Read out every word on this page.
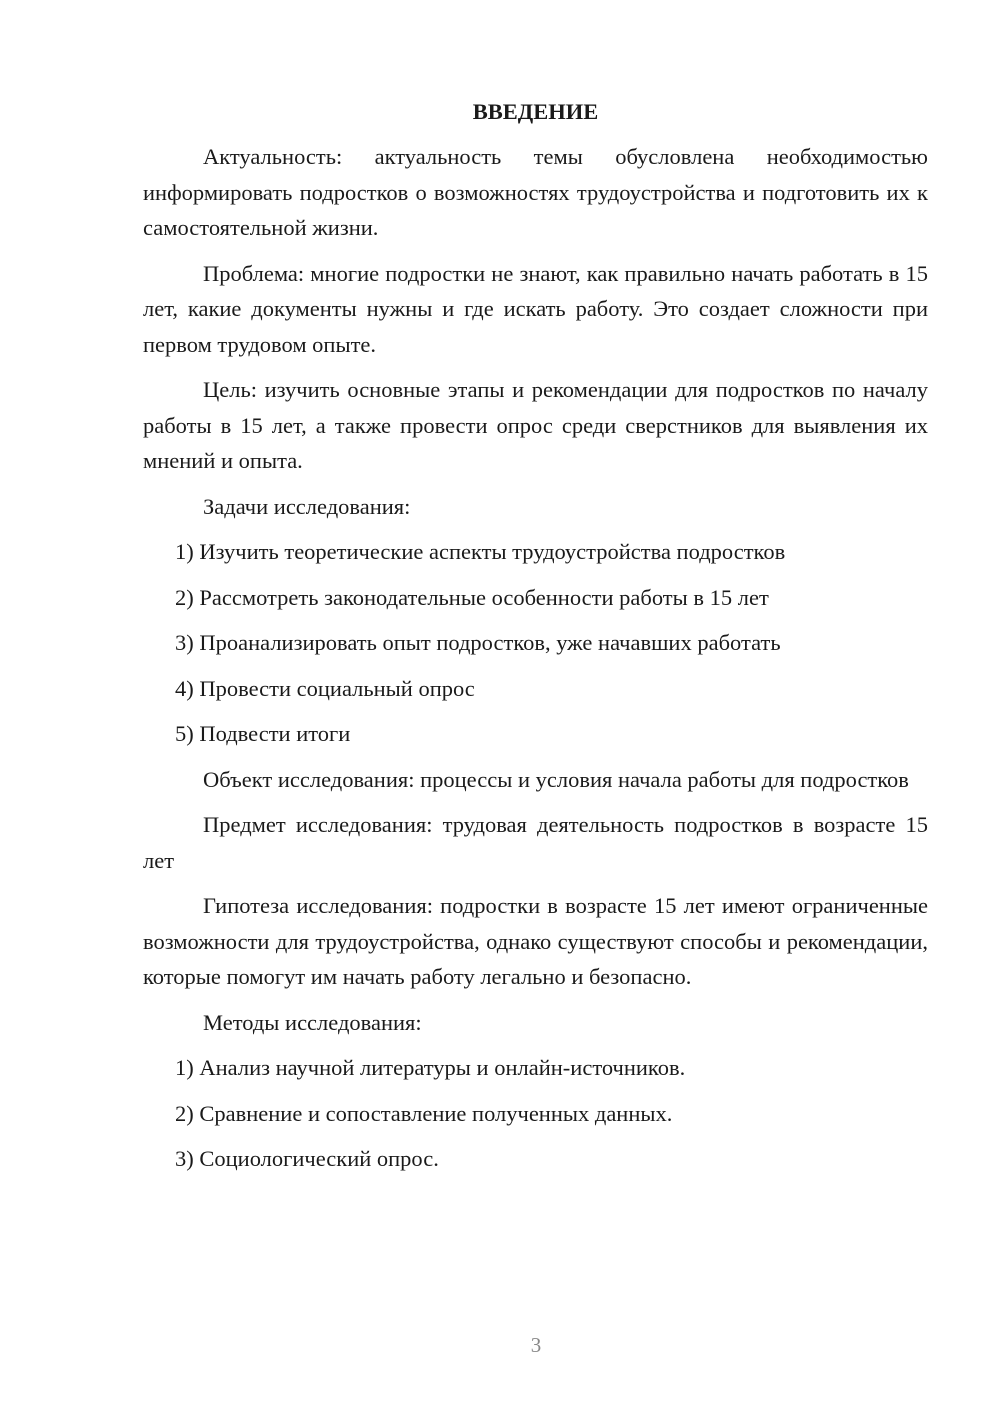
ВВЕДЕНИЕ

Актуальность: актуальность темы обусловлена необходимостью информировать подростков о возможностях трудоустройства и подготовить их к самостоятельной жизни.

Проблема: многие подростки не знают, как правильно начать работать в 15 лет, какие документы нужны и где искать работу. Это создает сложности при первом трудовом опыте.

Цель: изучить основные этапы и рекомендации для подростков по началу работы в 15 лет, а также провести опрос среди сверстников для выявления их мнений и опыта.

Задачи исследования:
1) Изучить теоретические аспекты трудоустройства подростков
2) Рассмотреть законодательные особенности работы в 15 лет
3) Проанализировать опыт подростков, уже начавших работать
4) Провести социальный опрос
5) Подвести итоги

Объект исследования: процессы и условия начала работы для подростков

Предмет исследования: трудовая деятельность подростков в возрасте 15 лет

Гипотеза исследования: подростки в возрасте 15 лет имеют ограниченные возможности для трудоустройства, однако существуют способы и рекомендации, которые помогут им начать работу легально и безопасно.

Методы исследования:
1) Анализ научной литературы и онлайн-источников.
2) Сравнение и сопоставление полученных данных.
3) Социологический опрос.
3
